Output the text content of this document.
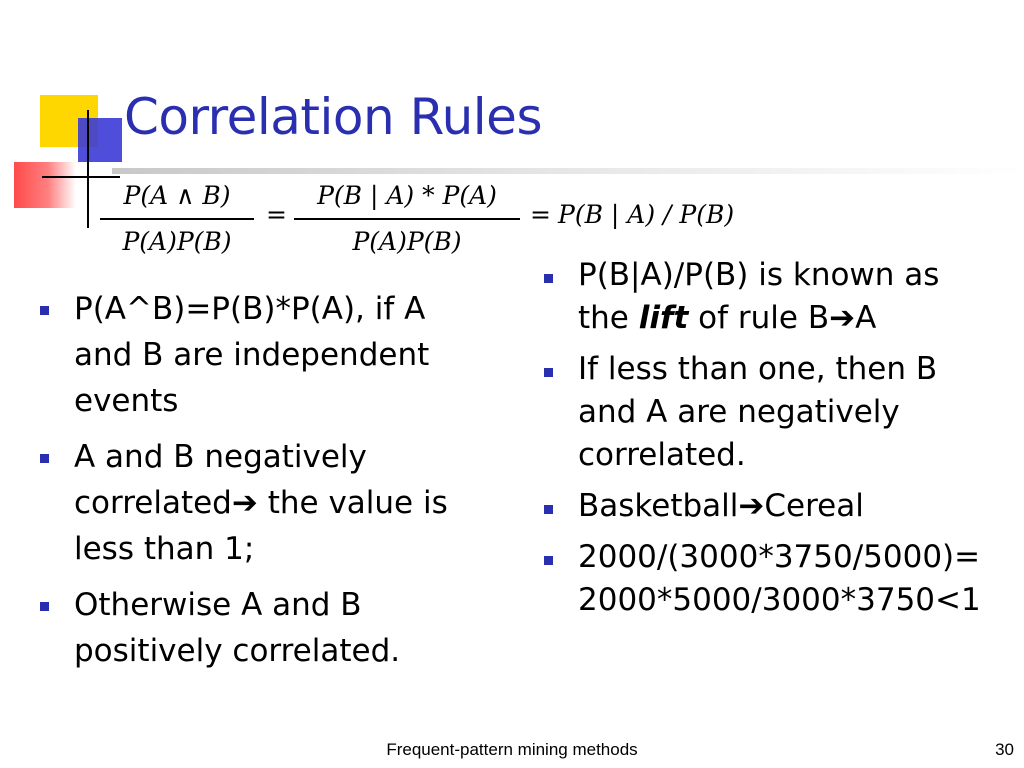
Correlation Rules
P(A ∧ B)
P(A)P(B)
=
P(B | A) * P(A)
P(A)P(B)
= P(B | A) / P(B)
P(A^B)=P(B)*P(A), if A and B are independent events
A and B negatively correlated➔ the value is less than 1;
Otherwise A and B positively correlated.
P(B|A)/P(B) is known as the lift of rule B➔A
If less than one, then B and A are negatively correlated.
Basketball➔Cereal
2000/(3000*3750/5000)=2000*5000/3000*3750<1
Frequent-pattern mining methods	30
